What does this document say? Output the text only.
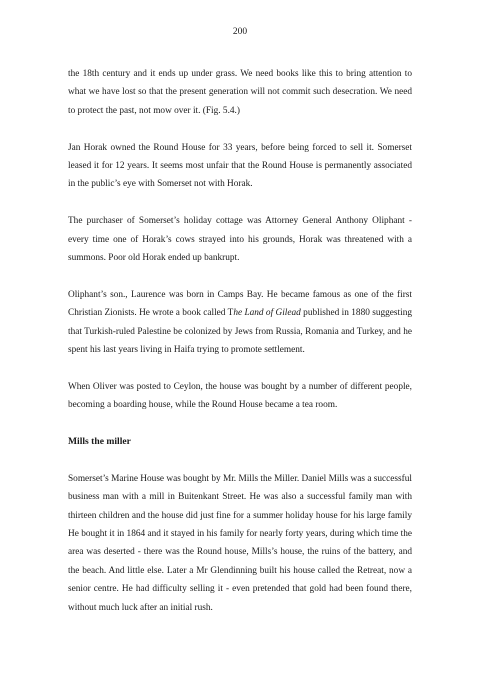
200

the 18th century and it ends up under grass. We need books like this to bring attention to what we have lost so that the present generation will not commit such desecration. We need to protect the past, not mow over it. (Fig. 5.4.)

Jan Horak owned the Round House for 33 years, before being forced to sell it. Somerset leased it for 12 years. It seems most unfair that the Round House is permanently associated in the public’s eye with Somerset not with Horak.

The purchaser of Somerset’s holiday cottage was Attorney General Anthony Oliphant - every time one of Horak’s cows strayed into his grounds, Horak was threatened with a summons. Poor old Horak ended up bankrupt.

Oliphant’s son., Laurence was born in Camps Bay. He became famous as one of the first Christian Zionists. He wrote a book called The Land of Gilead published in 1880 suggesting that Turkish-ruled Palestine be colonized by Jews from Russia, Romania and Turkey, and he spent his last years living in Haifa trying to promote settlement.

When Oliver was posted to Ceylon, the house was bought by a number of different people, becoming a boarding house, while the Round House became a tea room.

Mills the miller

Somerset’s Marine House was bought by Mr. Mills the Miller. Daniel Mills was a successful business man with a mill in Buitenkant Street. He was also a successful family man with thirteen children and the house did just fine for a summer holiday house for his large family He bought it in 1864 and it stayed in his family for nearly forty years, during which time the area was deserted - there was the Round house, Mills’s house, the ruins of the battery, and the beach. And little else. Later a Mr Glendinning built his house called the Retreat, now a senior centre. He had difficulty selling it - even pretended that gold had been found there, without much luck after an initial rush.
